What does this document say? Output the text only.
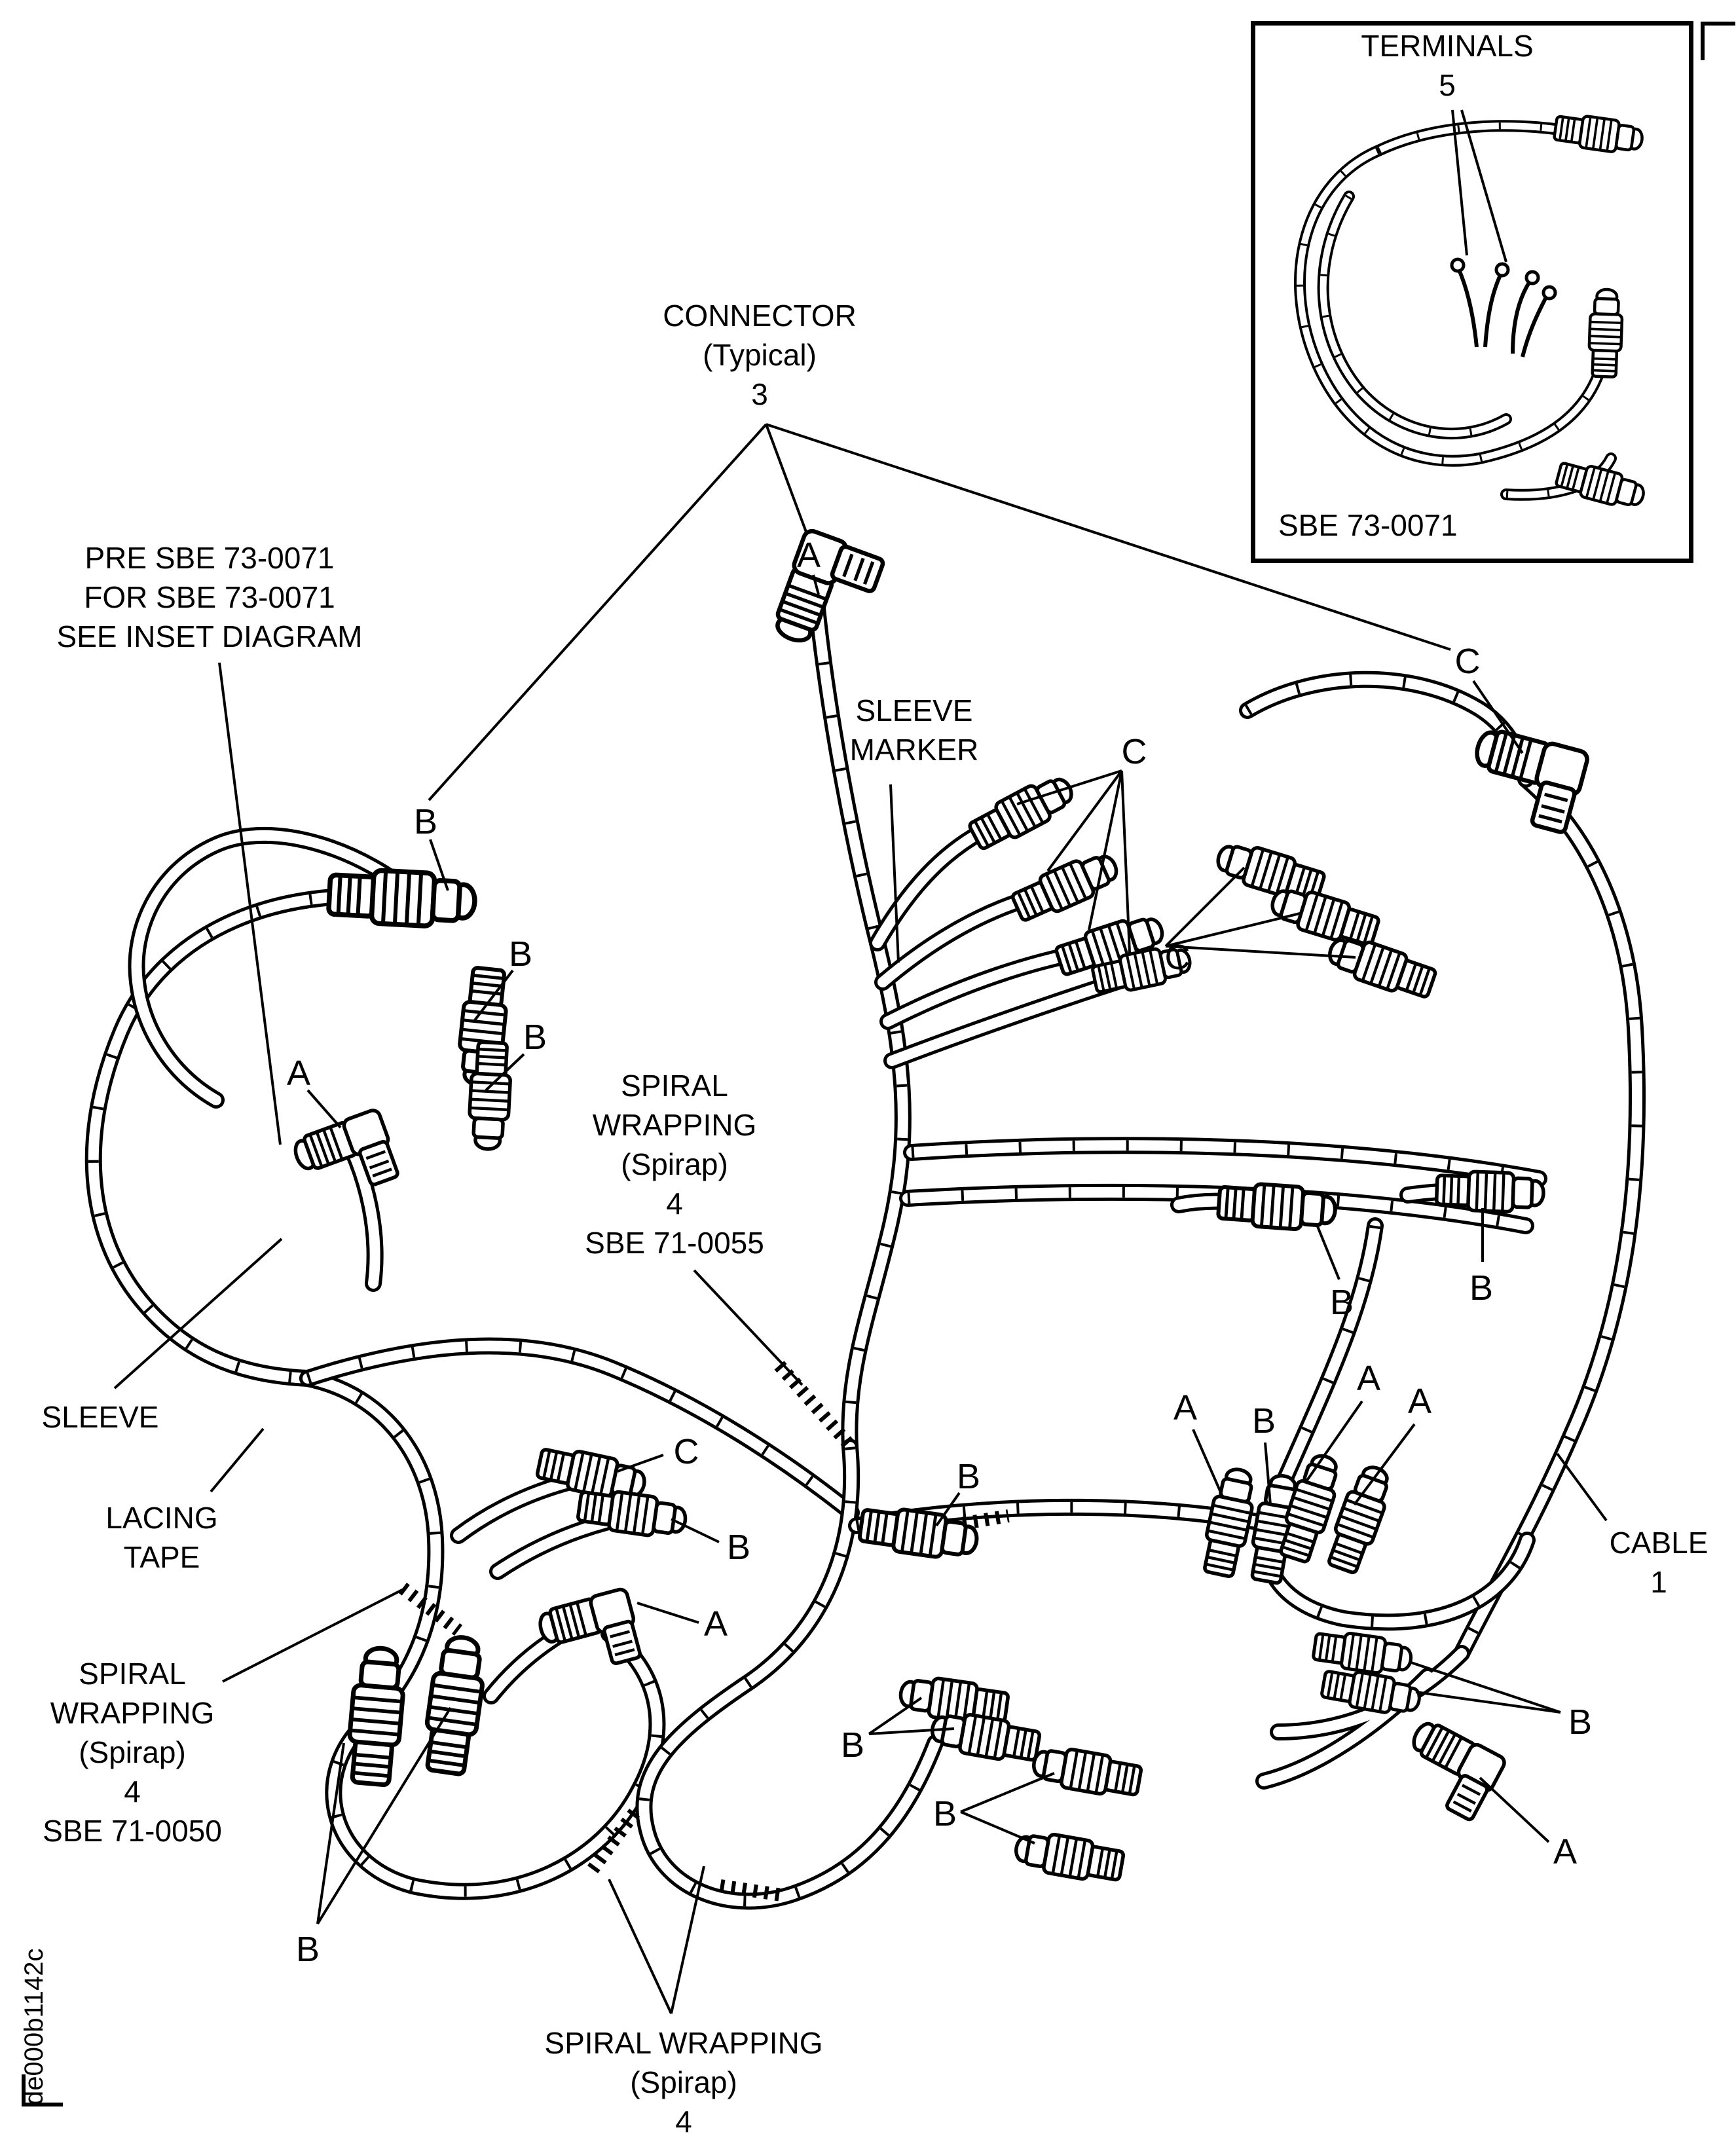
TERMINALS
5
SBE 73-0071
CONNECTOR
(Typical)
3
PRE SBE 73-0071
FOR SBE 73-0071
SEE INSET DIAGRAM
SLEEVE
MARKER
SLEEVE
LACING
TAPE
SPIRAL
WRAPPING
(Spirap)
4
SBE 71-0055
SPIRAL
WRAPPING
(Spirap)
4
SBE 71-0050
SPIRAL WRAPPING
(Spirap)
4
CABLE
1
de000b1142c
A
B
B
B
A
C
C
C
B	B
C
B
A
B
A B
A
A
B
A
B
B
B
